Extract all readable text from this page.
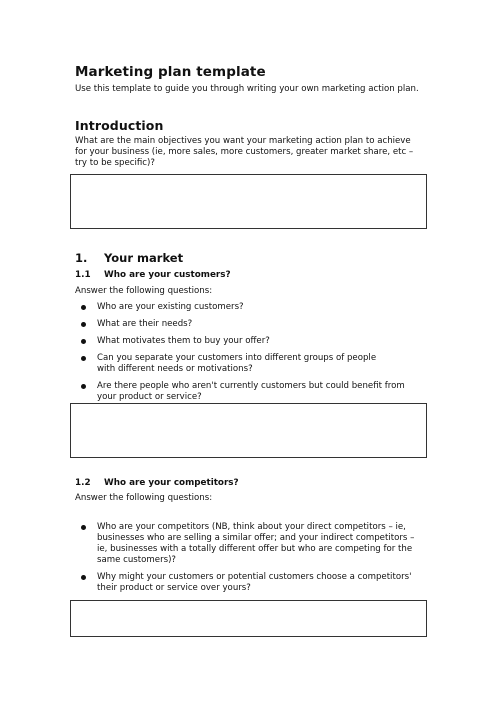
Marketing plan template
Use this template to guide you through writing your own marketing action plan.
Introduction
What are the main objectives you want your marketing action plan to achieve for your business (ie, more sales, more customers, greater market share, etc – try to be specific)?
1. Your market
1.1 Who are your customers?
Answer the following questions:
Who are your existing customers?
What are their needs?
What motivates them to buy your offer?
Can you separate your customers into different groups of people with different needs or motivations?
Are there people who aren't currently customers but could benefit from your product or service?
1.2 Who are your competitors?
Answer the following questions:
Who are your competitors (NB, think about your direct competitors – ie, businesses who are selling a similar offer; and your indirect competitors – ie, businesses with a totally different offer but who are competing for the same customers)?
Why might your customers or potential customers choose a competitors' their product or service over yours?
